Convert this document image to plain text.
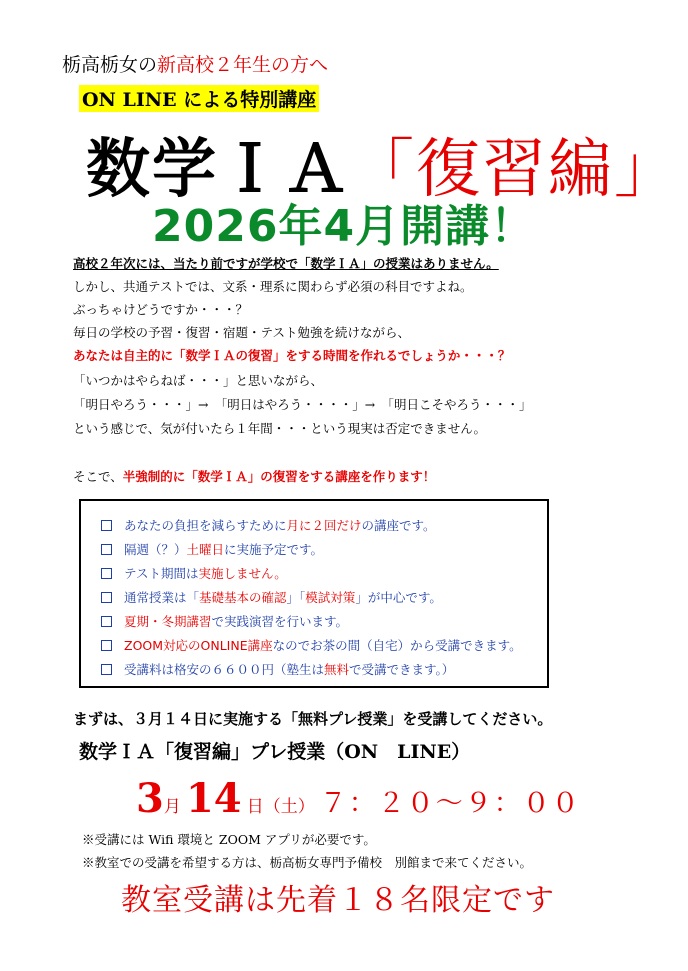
栃高栃女の新高校２年生の方へ
ON LINE による特別講座
数学ＩＡ「復習編」
2026年4月開講！
高校２年次には、当たり前ですが学校で「数学ＩＡ」の授業はありません。
しかし、共通テストでは、文系・理系に関わらず必須の科目ですよね。
ぶっちゃけどうですか・・・？
毎日の学校の予習・復習・宿題・テスト勉強を続けながら、
あなたは自主的に「数学ＩＡの復習」をする時間を作れるでしょうか・・・？
「いつかはやらねば・・・」と思いながら、
「明日やろう・・・」→　「明日はやろう・・・・」→　「明日こそやろう・・・」
という感じで、気が付いたら１年間・・・という現実は否定できません。
そこで、半強制的に「数学ＩＡ」の復習をする講座を作ります！
あなたの負担を減らすために月に２回だけの講座です。
隔週（？）土曜日に実施予定です。
テスト期間は実施しません。
通常授業は「基礎基本の確認」「模試対策」が中心です。
夏期・冬期講習で実践演習を行います。
ZOOM対応のONLINE講座なのでお茶の間（自宅）から受講できます。
受講料は格安の６６００円（塾生は無料で受講できます。）
まずは、３月１４日に実施する「無料プレ授業」を受講してください。
数学ＩＡ「復習編」プレ授業（ON　LINE）
3月 14 日（土） ７：２０～９：００
※受講には Wifi 環境と ZOOM アプリが必要です。
※教室での受講を希望する方は、栃高栃女専門予備校　別館まで来てください。
教室受講は先着１８名限定です
